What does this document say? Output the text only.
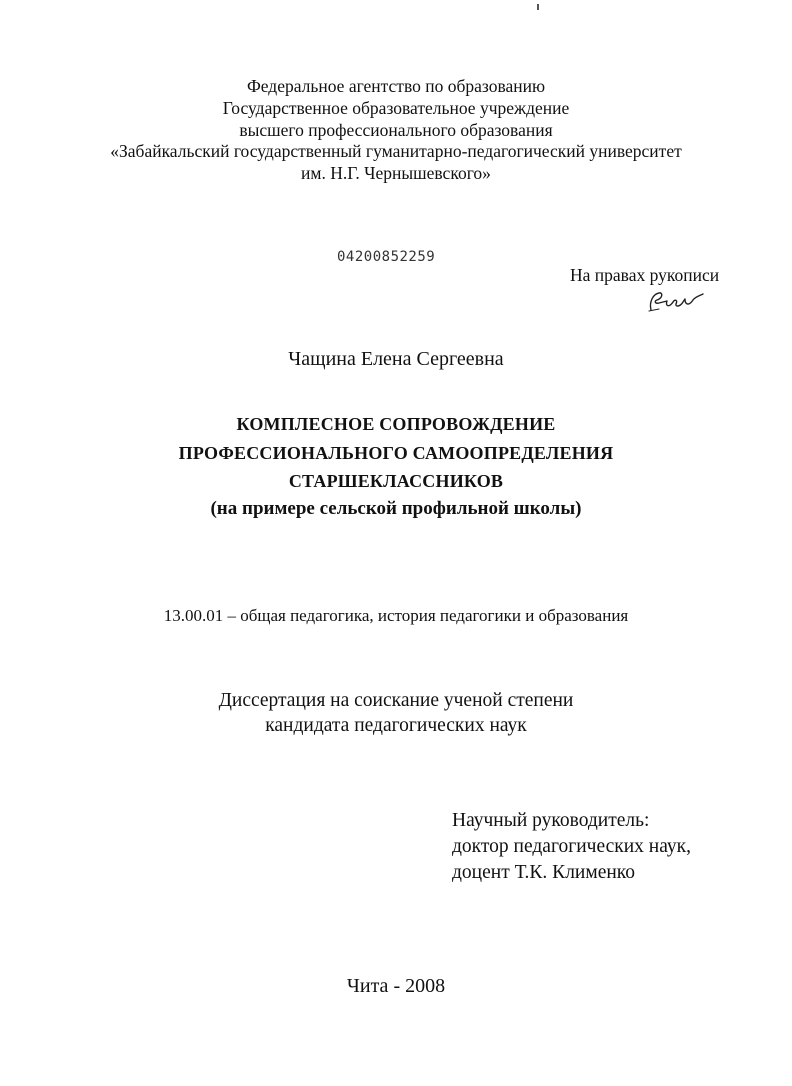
Федеральное агентство по образованию
Государственное образовательное учреждение
высшего профессионального образования
«Забайкальский государственный гуманитарно-педагогический университет
им. Н.Г. Чернышевского»
04200852259
На правах рукописи
Чащина Елена Сергеевна
КОМПЛЕСНОЕ СОПРОВОЖДЕНИЕ
ПРОФЕССИОНАЛЬНОГО САМООПРЕДЕЛЕНИЯ
СТАРШЕКЛАССНИКОВ
(на примере сельской профильной школы)
13.00.01 – общая педагогика, история педагогики и образования
Диссертация на соискание ученой степени
кандидата педагогических наук
Научный руководитель:
доктор педагогических наук,
доцент Т.К. Клименко
Чита - 2008
